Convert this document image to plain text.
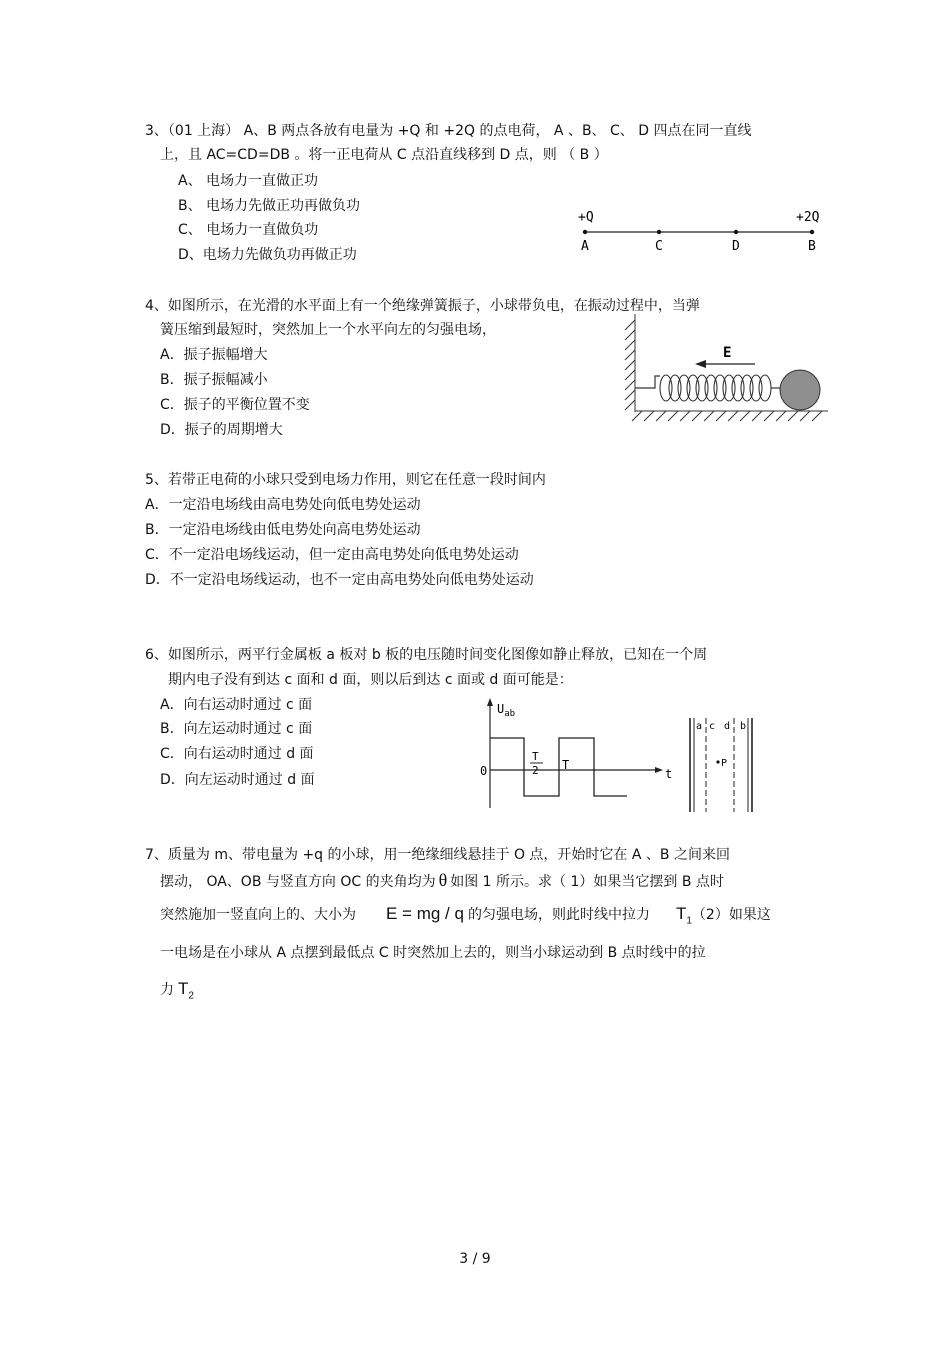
3、（01 上海） A、B 两点各放有电量为 +Q 和 +2Q 的点电荷， A 、B、 C、 D 四点在同一直线
上，且 AC=CD=DB 。将一正电荷从 C 点沿直线移到 D 点，则 （ B ）
A、 电场力一直做正功
B、 电场力先做正功再做负功
C、 电场力一直做负功
D、电场力先做负功再做正功
+Q	+2Q
A	C	D	B
4、如图所示，在光滑的水平面上有一个绝缘弹簧振子，小球带负电，在振动过程中，当弹
簧压缩到最短时，突然加上一个水平向左的匀强电场，
A．振子振幅增大
B．振子振幅减小
C．振子的平衡位置不变
D．振子的周期增大
E
5、若带正电荷的小球只受到电场力作用，则它在任意一段时间内
A．一定沿电场线由高电势处向低电势处运动
B．一定沿电场线由低电势处向高电势处运动
C．不一定沿电场线运动，但一定由高电势处向低电势处运动
D．不一定沿电场线运动，也不一定由高电势处向低电势处运动
6、如图所示，两平行金属板 a 板对 b 板的电压随时间变化图像如静止释放，已知在一个周
期内电子没有到达 c 面和 d 面，则以后到达 c 面或 d 面可能是：
A．向右运动时通过 c 面
B．向左运动时通过 c 面
C．向右运动时通过 d 面
D．向左运动时通过 d 面
$U_{ab}$
t
0
T
2 T
a c d b
P
7、质量为 m、带电量为 +q 的小球，用一绝缘细线悬挂于 O 点，开始时它在 A 、B 之间来回
摆动， OA、OB 与竖直方向 OC 的夹角均为 θ 如图 1 所示。求（ 1）如果当它摆到 B 点时
突然施加一竖直向上的、大小为 E = mg / q 的匀强电场，则此时线中拉力 $T_1(2)$如果这
一电场是在小球从 A 点摆到最低点 C 时突然加上去的，则当小球运动到 B 点时线中的拉
力 $T_2$
3 / 9
